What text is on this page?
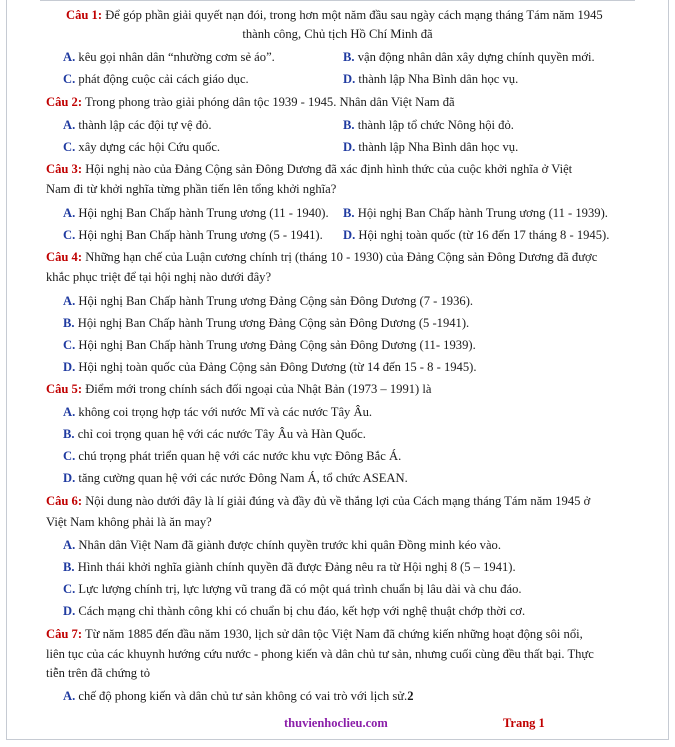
Câu 1: Để góp phần giải quyết nạn đói, trong hơn một năm đầu sau ngày cách mạng tháng Tám năm 1945
thành công, Chủ tịch Hồ Chí Minh đã
A. kêu gọi nhân dân “nhường cơm sẻ áo”.	B. vận động nhân dân xây dựng chính quyền mới.
C. phát động cuộc cải cách giáo dục.	D. thành lập Nha Bình dân học vụ.
Câu 2: Trong phong trào giải phóng dân tộc 1939 - 1945. Nhân dân Việt Nam đã
A. thành lập các đội tự vệ đỏ.	B. thành lập tổ chức Nông hội đỏ.
C. xây dựng các hội Cứu quốc.	D. thành lập Nha Bình dân học vụ.
Câu 3: Hội nghị nào của Đảng Cộng sản Đông Dương đã xác định hình thức của cuộc khởi nghĩa ở Việt
Nam đi từ khởi nghĩa từng phần tiến lên tổng khởi nghĩa?
A. Hội nghị Ban Chấp hành Trung ương (11 - 1940). B. Hội nghị Ban Chấp hành Trung ương (11 - 1939).
C. Hội nghị Ban Chấp hành Trung ương (5 - 1941). D. Hội nghị toàn quốc (từ 16 đến 17 tháng 8 - 1945).
Câu 4: Những hạn chế của Luận cương chính trị (tháng 10 - 1930) của Đảng Cộng sản Đông Dương đã được
khắc phục triệt để tại hội nghị nào dưới đây?
A. Hội nghị Ban Chấp hành Trung ương Đảng Cộng sản Đông Dương (7 - 1936).
B. Hội nghị Ban Chấp hành Trung ương Đảng Cộng sản Đông Dương (5 -1941).
C. Hội nghị Ban Chấp hành Trung ương Đảng Cộng sản Đông Dương (11- 1939).
D. Hội nghị toàn quốc của Đảng Cộng sản Đông Dương (từ 14 đến 15 - 8 - 1945).
Câu 5: Điểm mới trong chính sách đối ngoại của Nhật Bản (1973 – 1991) là
A. không coi trọng hợp tác với nước Mĩ và các nước Tây Âu.
B. chỉ coi trọng quan hệ với các nước Tây Âu và Hàn Quốc.
C. chú trọng phát triển quan hệ với các nước khu vực Đông Bắc Á.
D. tăng cường quan hệ với các nước Đông Nam Á, tổ chức ASEAN.
Câu 6: Nội dung nào dưới đây là lí giải đúng và đầy đủ về thắng lợi của Cách mạng tháng Tám năm 1945 ở
Việt Nam không phải là ăn may?
A. Nhân dân Việt Nam đã giành được chính quyền trước khi quân Đồng minh kéo vào.
B. Hình thái khởi nghĩa giành chính quyền đã được Đảng nêu ra từ Hội nghị 8 (5 – 1941).
C. Lực lượng chính trị, lực lượng vũ trang đã có một quá trình chuẩn bị lâu dài và chu đáo.
D. Cách mạng chỉ thành công khi có chuẩn bị chu đáo, kết hợp với nghệ thuật chớp thời cơ.
Câu 7: Từ năm 1885 đến đầu năm 1930, lịch sử dân tộc Việt Nam đã chứng kiến những hoạt động sôi nổi,
liên tục của các khuynh hướng cứu nước - phong kiến và dân chủ tư sản, nhưng cuối cùng đều thất bại. Thực
tiễn trên đã chứng tỏ
A. chế độ phong kiến và dân chủ tư sản không có vai trò với lịch sử.2
thuvienhoclieu.com	Trang 1
